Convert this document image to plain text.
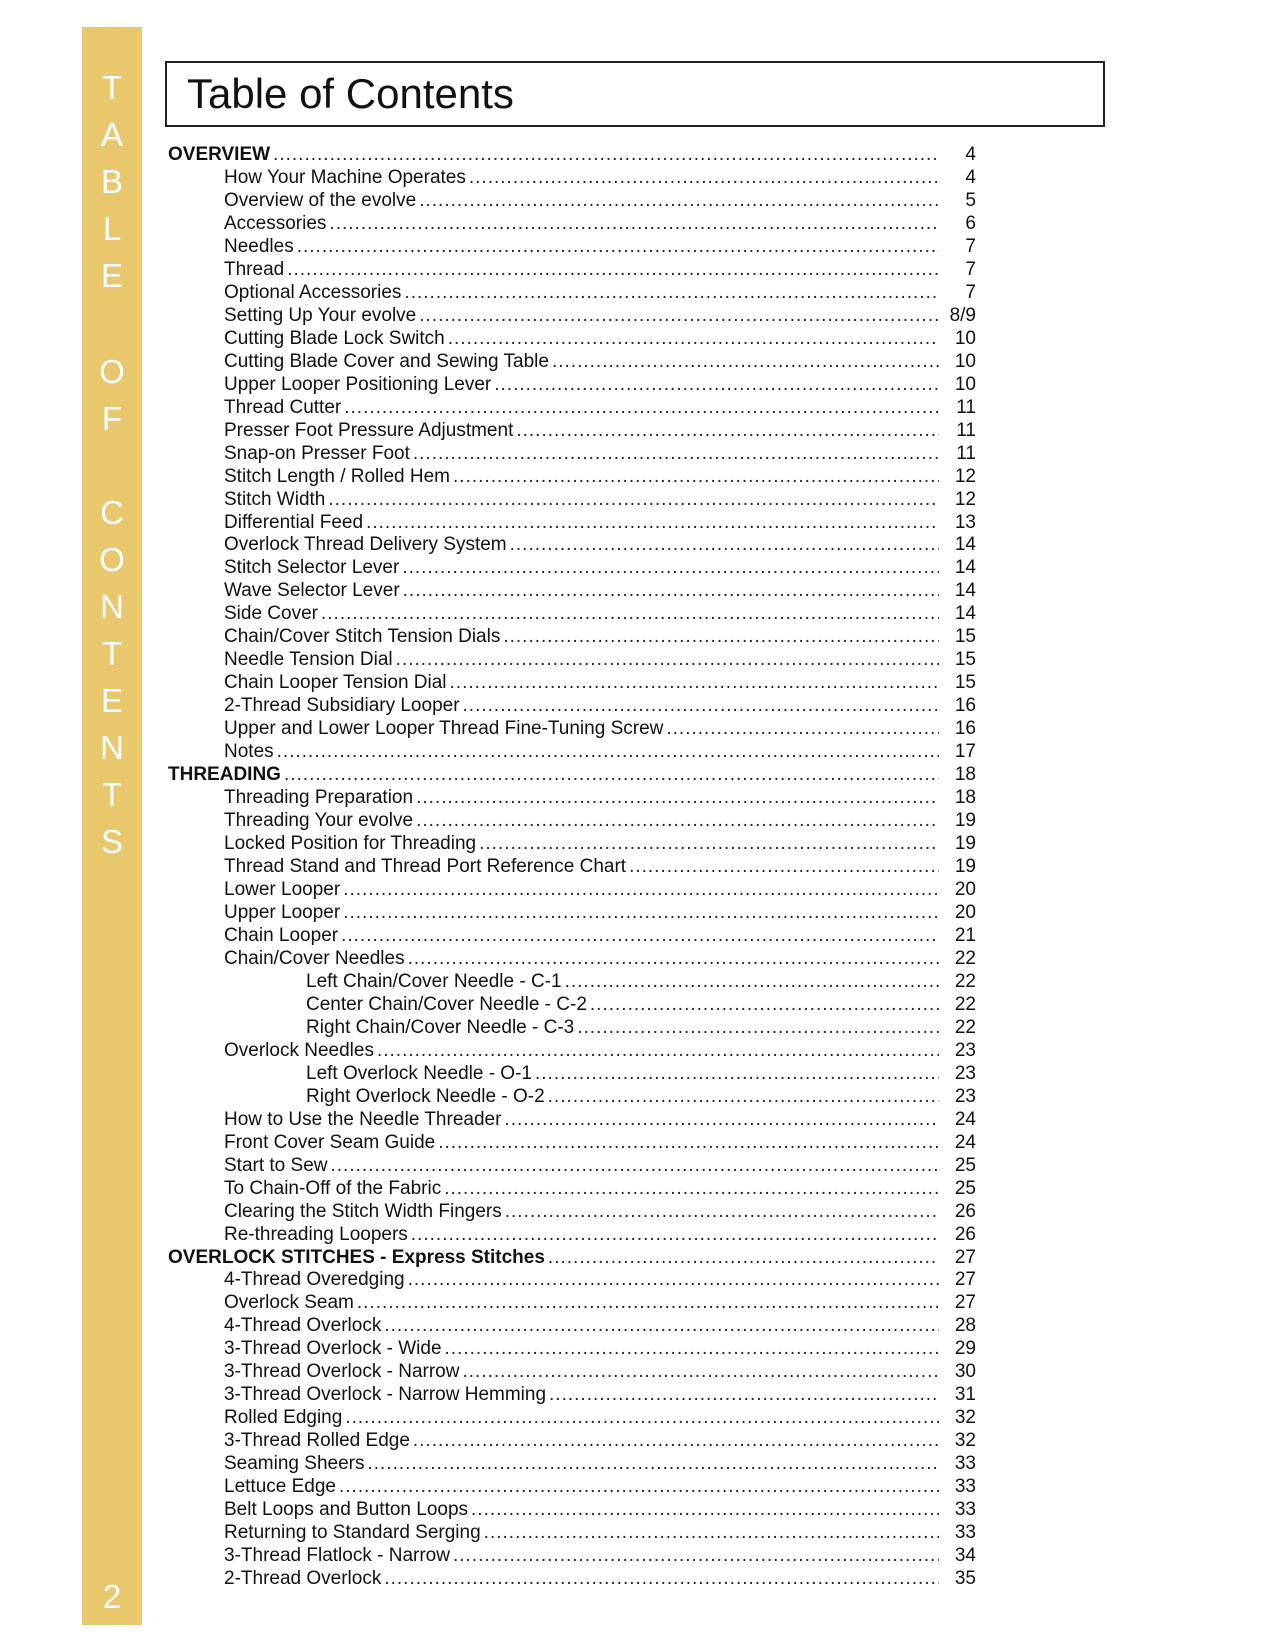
T
A
B
L
E
O
F
C
O
N
T
E
N
T
S
2
Table of Contents
OVERVIEW .....	4
How Your Machine Operates .....	4
Overview of the evolve .....	5
Accessories .....	6
Needles .....	7
Thread .....	7
Optional Accessories .....	7
Setting Up Your evolve .....	8/9
Cutting Blade Lock Switch .....	10
Cutting Blade Cover and Sewing Table .....	10
Upper Looper Positioning Lever .....	10
Thread Cutter .....	11
Presser Foot Pressure Adjustment .....	11
Snap-on Presser Foot .....	11
Stitch Length / Rolled Hem .....	12
Stitch Width .....	12
Differential Feed .....	13
Overlock Thread Delivery System .....	14
Stitch Selector Lever .....	14
Wave Selector Lever .....	14
Side Cover .....	14
Chain/Cover Stitch Tension Dials .....	15
Needle Tension Dial .....	15
Chain Looper Tension Dial .....	15
2-Thread Subsidiary Looper .....	16
Upper and Lower Looper Thread Fine-Tuning Screw .....	16
Notes .....	17
THREADING .....	18
Threading Preparation .....	18
Threading Your evolve .....	19
Locked Position for Threading .....	19
Thread Stand and Thread Port Reference Chart .....	19
Lower Looper .....	20
Upper Looper .....	20
Chain Looper .....	21
Chain/Cover Needles .....	22
Left Chain/Cover Needle - C-1 .....	22
Center Chain/Cover Needle - C-2 .....	22
Right Chain/Cover Needle - C-3 .....	22
Overlock Needles .....	23
Left Overlock Needle - O-1 .....	23
Right Overlock Needle - O-2 .....	23
How to Use the Needle Threader .....	24
Front Cover Seam Guide .....	24
Start to Sew .....	25
To Chain-Off of the Fabric .....	25
Clearing the Stitch Width Fingers .....	26
Re-threading Loopers .....	26
OVERLOCK STITCHES - Express Stitches .....	27
4-Thread Overedging .....	27
Overlock Seam .....	27
4-Thread Overlock .....	28
3-Thread Overlock - Wide .....	29
3-Thread Overlock - Narrow .....	30
3-Thread Overlock - Narrow Hemming .....	31
Rolled Edging .....	32
3-Thread Rolled Edge .....	32
Seaming Sheers .....	33
Lettuce Edge .....	33
Belt Loops and Button Loops .....	33
Returning to Standard Serging .....	33
3-Thread Flatlock - Narrow .....	34
2-Thread Overlock .....	35
